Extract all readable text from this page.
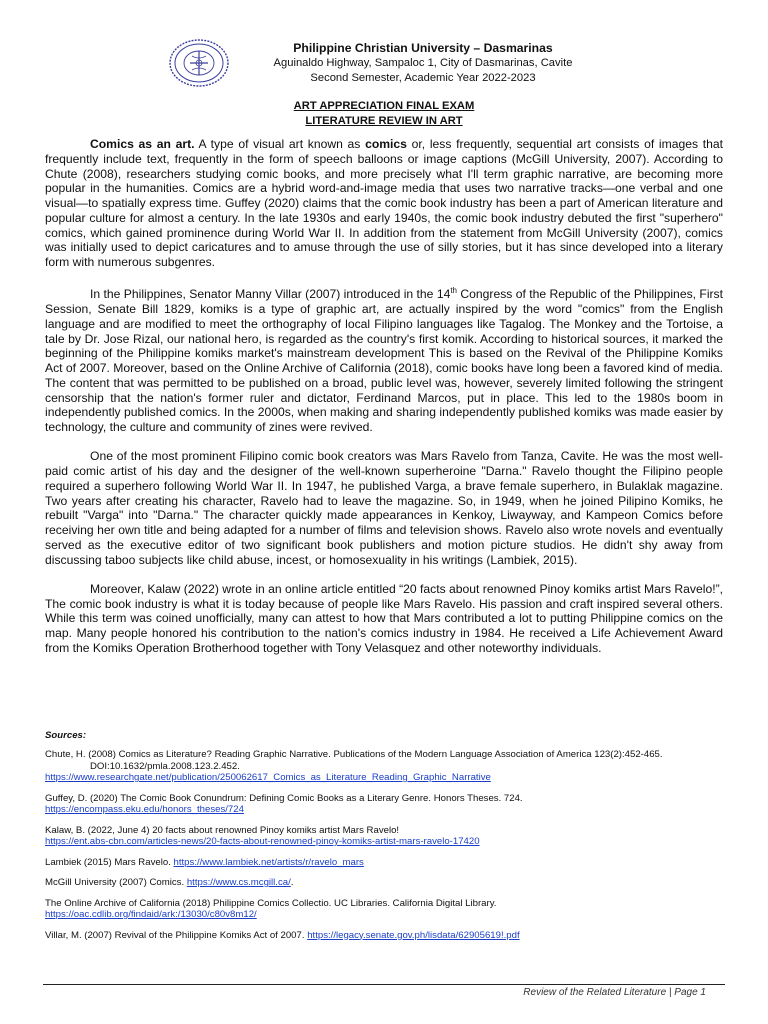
Philippine Christian University – Dasmarinas
Aguinaldo Highway, Sampaloc 1, City of Dasmarinas, Cavite
Second Semester, Academic Year 2022-2023
ART APPRECIATION FINAL EXAM
LITERATURE REVIEW IN ART

Comics as an art. A type of visual art known as comics or, less frequently, sequential art consists of images that frequently include text, frequently in the form of speech balloons or image captions (McGill University, 2007). According to Chute (2008), researchers studying comic books, and more precisely what I'll term graphic narrative, are becoming more popular in the humanities. Comics are a hybrid word-and-image media that uses two narrative tracks—one verbal and one visual—to spatially express time. Guffey (2020) claims that the comic book industry has been a part of American literature and popular culture for almost a century. In the late 1930s and early 1940s, the comic book industry debuted the first "superhero" comics, which gained prominence during World War II. In addition from the statement from McGill University (2007), comics was initially used to depict caricatures and to amuse through the use of silly stories, but it has since developed into a literary form with numerous subgenres.

In the Philippines, Senator Manny Villar (2007) introduced in the 14th Congress of the Republic of the Philippines, First Session, Senate Bill 1829, komiks is a type of graphic art, are actually inspired by the word "comics" from the English language and are modified to meet the orthography of local Filipino languages like Tagalog. The Monkey and the Tortoise, a tale by Dr. Jose Rizal, our national hero, is regarded as the country's first komik. According to historical sources, it marked the beginning of the Philippine komiks market's mainstream development This is based on the Revival of the Philippine Komiks Act of 2007. Moreover, based on the Online Archive of California (2018), comic books have long been a favored kind of media. The content that was permitted to be published on a broad, public level was, however, severely limited following the stringent censorship that the nation's former ruler and dictator, Ferdinand Marcos, put in place. This led to the 1980s boom in independently published comics. In the 2000s, when making and sharing independently published komiks was made easier by technology, the culture and community of zines were revived.

One of the most prominent Filipino comic book creators was Mars Ravelo from Tanza, Cavite. He was the most well-paid comic artist of his day and the designer of the well-known superheroine "Darna." Ravelo thought the Filipino people required a superhero following World War II. In 1947, he published Varga, a brave female superhero, in Bulaklak magazine. Two years after creating his character, Ravelo had to leave the magazine. So, in 1949, when he joined Pilipino Komiks, he rebuilt "Varga" into "Darna." The character quickly made appearances in Kenkoy, Liwayway, and Kampeon Comics before receiving her own title and being adapted for a number of films and television shows. Ravelo also wrote novels and eventually served as the executive editor of two significant book publishers and motion picture studios. He didn't shy away from discussing taboo subjects like child abuse, incest, or homosexuality in his writings (Lambiek, 2015).

Moreover, Kalaw (2022) wrote in an online article entitled “20 facts about renowned Pinoy komiks artist Mars Ravelo!”, The comic book industry is what it is today because of people like Mars Ravelo. His passion and craft inspired several others. While this term was coined unofficially, many can attest to how that Mars contributed a lot to putting Philippine comics on the map. Many people honored his contribution to the nation's comics industry in 1984. He received a Life Achievement Award from the Komiks Operation Brotherhood together with Tony Velasquez and other noteworthy individuals.

Sources:
Chute, H. (2008) Comics as Literature? Reading Graphic Narrative. Publications of the Modern Language Association of America 123(2):452-465. DOI:10.1632/pmla.2008.123.2.452.
https://www.researchgate.net/publication/250062617_Comics_as_Literature_Reading_Graphic_Narrative
Guffey, D. (2020) The Comic Book Conundrum: Defining Comic Books as a Literary Genre. Honors Theses. 724.
https://encompass.eku.edu/honors_theses/724
Kalaw, B. (2022, June 4) 20 facts about renowned Pinoy komiks artist Mars Ravelo!
https://ent.abs-cbn.com/articles-news/20-facts-about-renowned-pinoy-komiks-artist-mars-ravelo-17420
Lambiek (2015) Mars Ravelo. https://www.lambiek.net/artists/r/ravelo_mars
McGill University (2007) Comics. https://www.cs.mcgill.ca/.
The Online Archive of California (2018) Philippine Comics Collectio. UC Libraries. California Digital Library.
https://oac.cdlib.org/findaid/ark:/13030/c80v8m12/
Villar, M. (2007) Revival of the Philippine Komiks Act of 2007. https://legacy.senate.gov.ph/lisdata/62905619!.pdf
Review of the Related Literature | Page 1
